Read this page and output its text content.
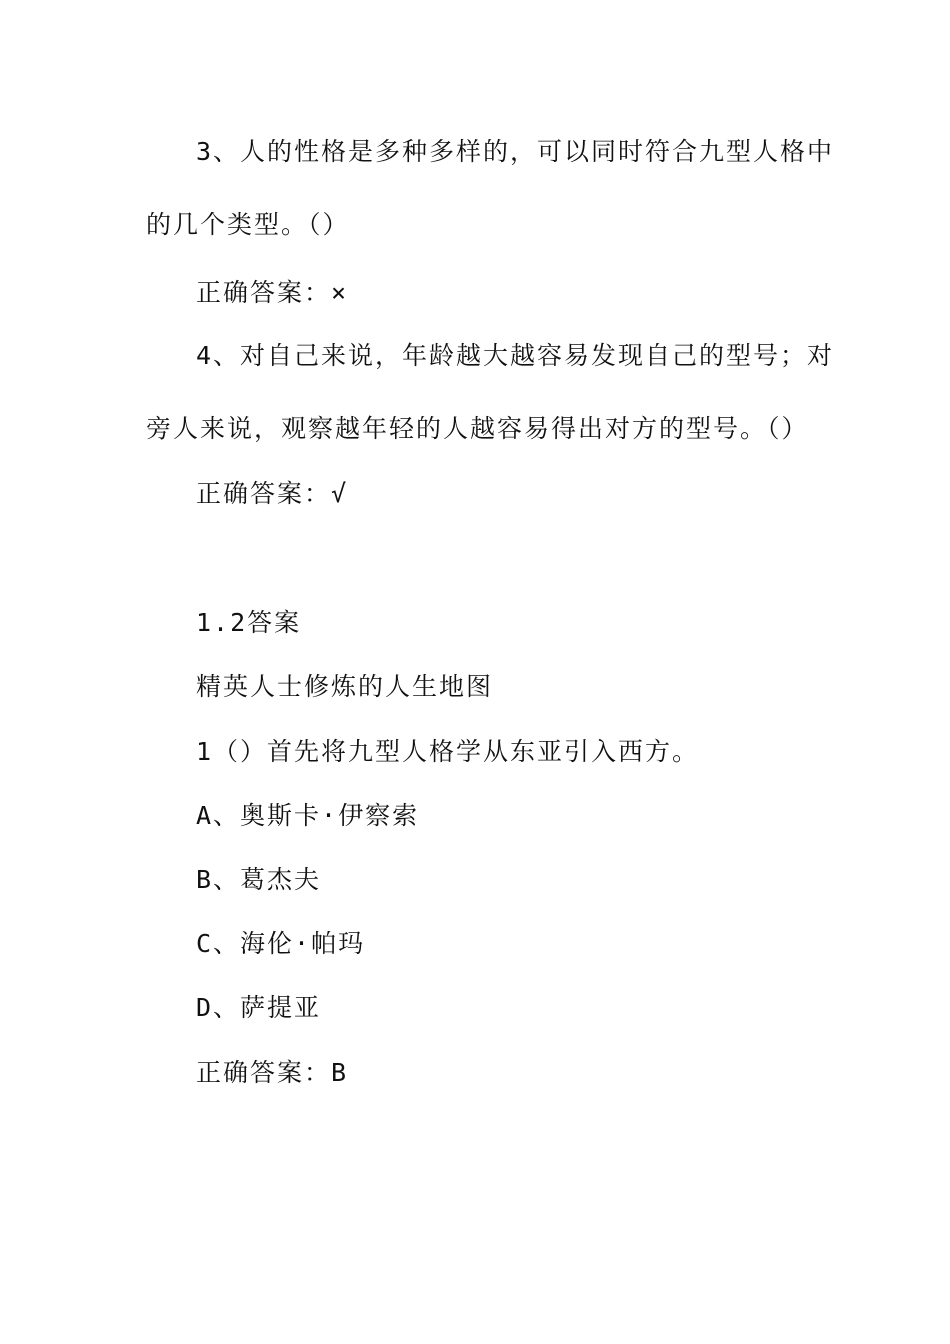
3、人的性格是多种多样的，可以同时符合九型人格中
的几个类型。（）
正确答案：×
4、对自己来说，年龄越大越容易发现自己的型号；对
旁人来说，观察越年轻的人越容易得出对方的型号。（）
正确答案：√
1.2答案
精英人士修炼的人生地图
1（）首先将九型人格学从东亚引入西方。
A、奥斯卡·伊察索
B、葛杰夫
C、海伦·帕玛
D、萨提亚
正确答案：B
